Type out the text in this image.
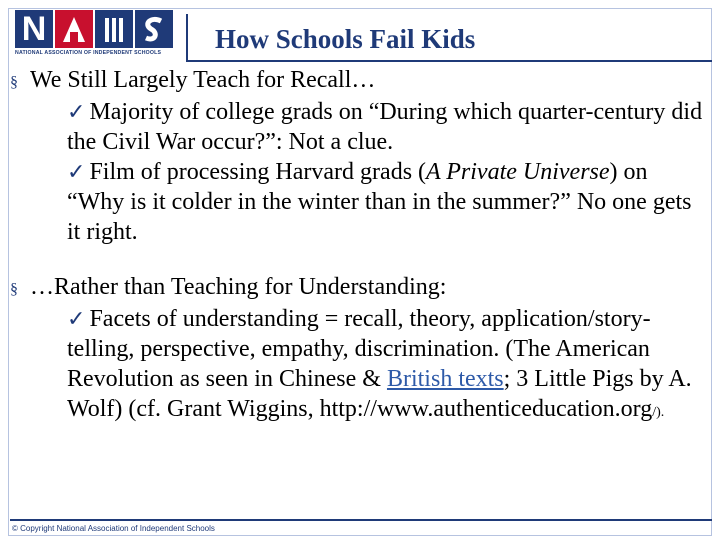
N
NATIONAL ASSOCIATION OF INDEPENDENT SCHOOLS	How Schools Fail Kids
§ We Still Largely Teach for Recall…
✓ Majority of college grads on “During which quarter-century did the Civil War occur?”: Not a clue.
✓ Film of processing Harvard grads (A Private Universe) on “Why is it colder in the winter than in the summer?” No one gets it right.
§ …Rather than Teaching for Understanding:
✓ Facets of understanding = recall, theory, application/story-telling, perspective, empathy, discrimination. (The American Revolution as seen in Chinese & British texts; 3 Little Pigs by A. Wolf) (cf. Grant Wiggins, http://www.authenticeducation.org/).
© Copyright National Association of Independent Schools
